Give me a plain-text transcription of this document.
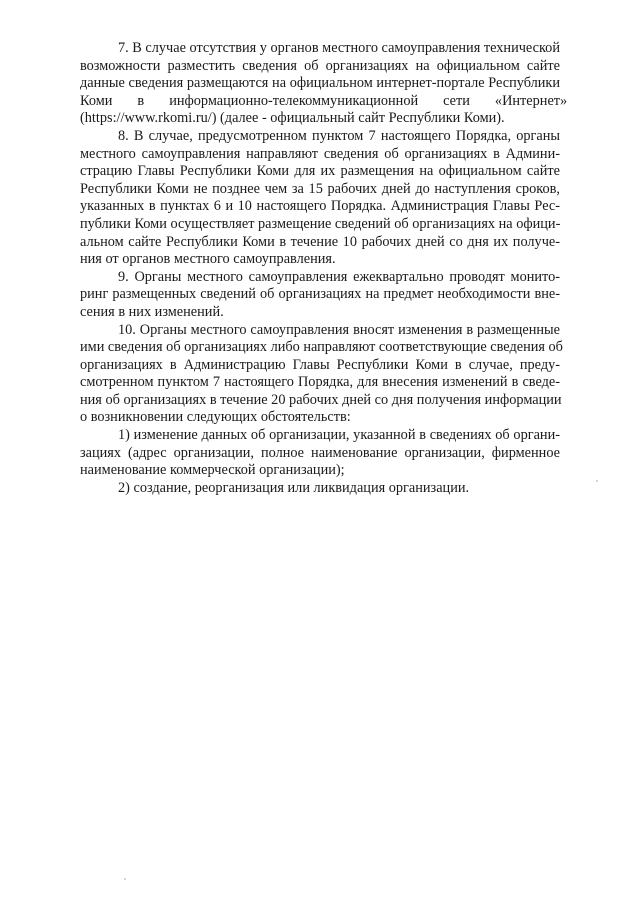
7. В случае отсутствия у органов местного самоуправления технической
возможности разместить сведения об организациях на официальном сайте
данные сведения размещаются на официальном интернет-портале Республики
Коми       в       информационно-телекоммуникационной       сети       «Интернет»
(https://www.rkomi.ru/) (далее - официальный сайт Республики Коми).
8. В случае, предусмотренном пунктом 7 настоящего Порядка, органы
местного самоуправления направляют сведения об организациях в Админи-
страцию Главы Республики Коми для их размещения на официальном сайте
Республики Коми не позднее чем за 15 рабочих дней до наступления сроков,
указанных в пунктах 6 и 10 настоящего Порядка. Администрация Главы Рес-
публики Коми осуществляет размещение сведений об организациях на офици-
альном сайте Республики Коми в течение 10 рабочих дней со дня их получе-
ния от органов местного самоуправления.
9. Органы местного самоуправления ежеквартально проводят монито-
ринг размещенных сведений об организациях на предмет необходимости вне-
сения в них изменений.
10. Органы местного самоуправления вносят изменения в размещенные
ими сведения об организациях либо направляют соответствующие сведения об
организациях в Администрацию Главы Республики Коми в случае, преду-
смотренном пунктом 7 настоящего Порядка, для внесения изменений в сведе-
ния об организациях в течение 20 рабочих дней со дня получения информации
о возникновении следующих обстоятельств:
1) изменение данных об организации, указанной в сведениях об органи-
зациях (адрес организации, полное наименование организации, фирменное
наименование коммерческой организации);
2) создание, реорганизация или ликвидация организации.
